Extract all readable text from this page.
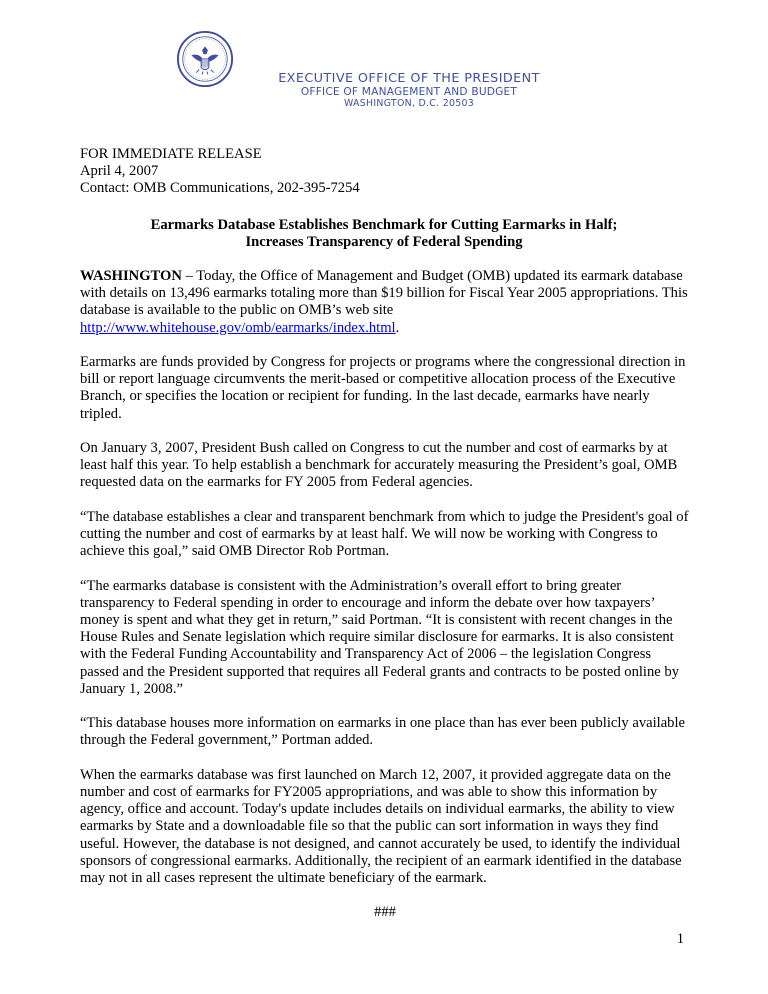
EXECUTIVE OFFICE OF THE PRESIDENT
OFFICE OF MANAGEMENT AND BUDGET
WASHINGTON, D.C. 20503
FOR IMMEDIATE RELEASE
April 4, 2007
Contact: OMB Communications, 202-395-7254
Earmarks Database Establishes Benchmark for Cutting Earmarks in Half;
Increases Transparency of Federal Spending

WASHINGTON – Today, the Office of Management and Budget (OMB) updated its earmark database with details on 13,496 earmarks totaling more than $19 billion for Fiscal Year 2005 appropriations. This database is available to the public on OMB’s web site http://www.whitehouse.gov/omb/earmarks/index.html.

Earmarks are funds provided by Congress for projects or programs where the congressional direction in bill or report language circumvents the merit-based or competitive allocation process of the Executive Branch, or specifies the location or recipient for funding. In the last decade, earmarks have nearly tripled.

On January 3, 2007, President Bush called on Congress to cut the number and cost of earmarks by at least half this year. To help establish a benchmark for accurately measuring the President’s goal, OMB requested data on the earmarks for FY 2005 from Federal agencies.

“The database establishes a clear and transparent benchmark from which to judge the President's goal of cutting the number and cost of earmarks by at least half. We will now be working with Congress to achieve this goal,” said OMB Director Rob Portman.

“The earmarks database is consistent with the Administration’s overall effort to bring greater transparency to Federal spending in order to encourage and inform the debate over how taxpayers’ money is spent and what they get in return,” said Portman. “It is consistent with recent changes in the House Rules and Senate legislation which require similar disclosure for earmarks. It is also consistent with the Federal Funding Accountability and Transparency Act of 2006 – the legislation Congress passed and the President supported that requires all Federal grants and contracts to be posted online by January 1, 2008.”

“This database houses more information on earmarks in one place than has ever been publicly available through the Federal government,” Portman added.

When the earmarks database was first launched on March 12, 2007, it provided aggregate data on the number and cost of earmarks for FY2005 appropriations, and was able to show this information by agency, office and account. Today's update includes details on individual earmarks, the ability to view earmarks by State and a downloadable file so that the public can sort information in ways they find useful. However, the database is not designed, and cannot accurately be used, to identify the individual sponsors of congressional earmarks. Additionally, the recipient of an earmark identified in the database may not in all cases represent the ultimate beneficiary of the earmark.

###

1
